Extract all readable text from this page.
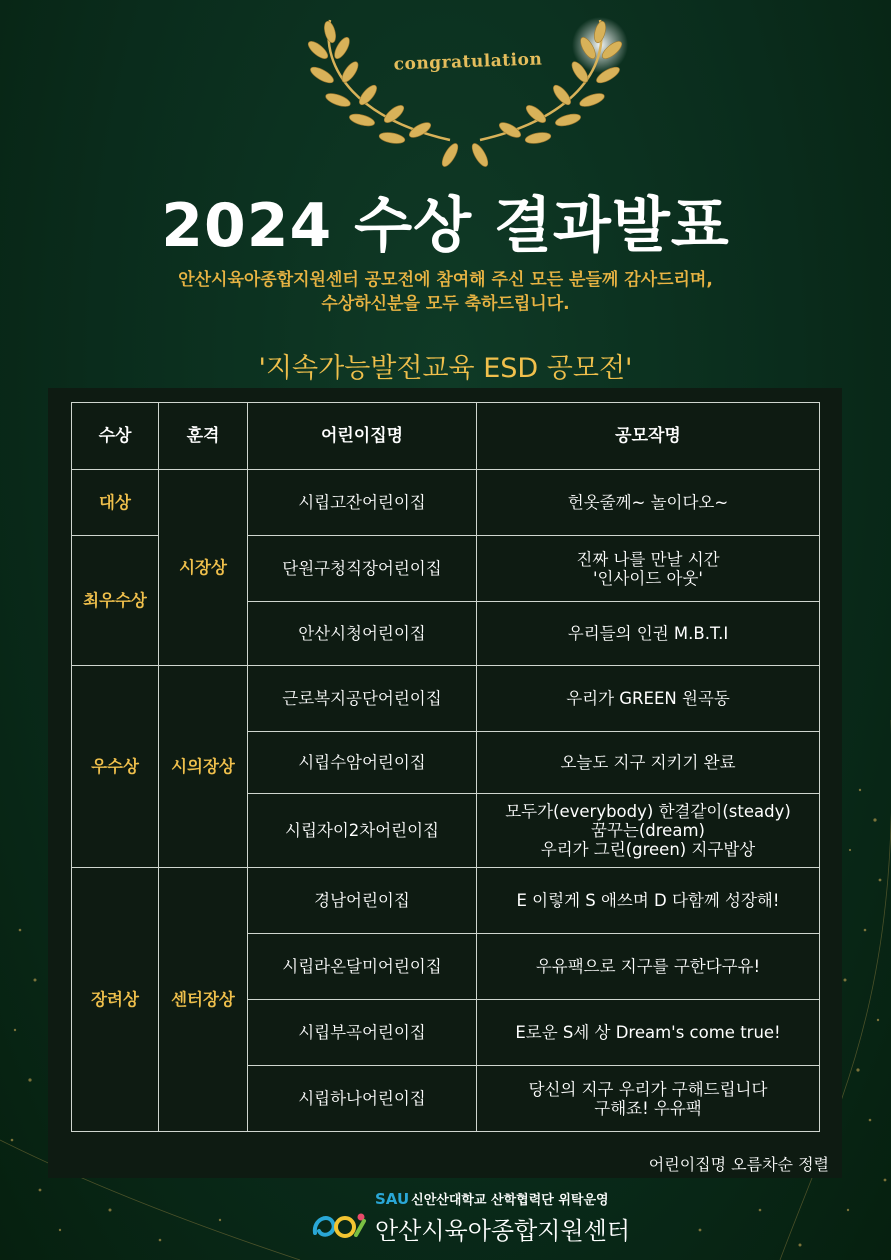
congratulation
2024 수상 결과발표
안산시육아종합지원센터 공모전에 참여해 주신 모든 분들께 감사드리며,
수상하신분을 모두 축하드립니다.
'지속가능발전교육 ESD 공모전'
수상	훈격	어린이집명	공모작명
대상	시장상	시립고잔어린이집	헌옷줄께~ 놀이다오~

최우수상		단원구청직장어린이집	진짜 나를 만날 시간
'인사이드 아웃'

		안산시청어린이집	우리들의 인권 M.B.T.I

우수상	시의장상	근로복지공단어린이집	우리가 GREEN 원곡동

		시립수암어린이집	오늘도 지구 지키기 완료

		시립자이2차어린이집	모두가(everybody) 한결같이(steady)
꿈꾸는(dream)
우리가 그린(green) 지구밥상

장려상	센터장상	경남어린이집	E 이렇게 S 애쓰며 D 다함께 성장해!

		시립라온달미어린이집	우유팩으로 지구를 구한다구유!

		시립부곡어린이집	E로운 S세 상 Dream's come true!

		시립하나어린이집	당신의 지구 우리가 구해드립니다
구해죠! 우유팩
어린이집명 오름차순 정렬
SAU 신안산대학교 산학협력단 위탁운영
안산시육아종합지원센터
